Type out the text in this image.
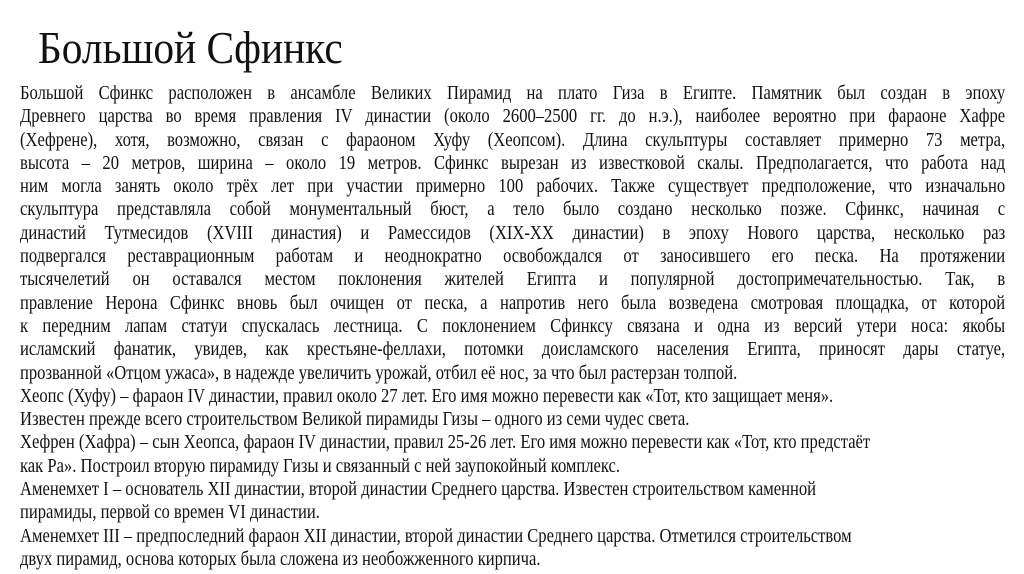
Большой Сфинкс
Большой Сфинкс расположен в ансамбле Великих Пирамид на плато Гиза в Египте. Памятник был создан в эпоху
Древнего царства во время правления IV династии (около 2600–2500 гг. до н.э.), наиболее вероятно при фараоне Хафре
(Хефрене), хотя, возможно, связан с фараоном Хуфу (Хеопсом). Длина скульптуры составляет примерно 73 метра,
высота – 20 метров, ширина – около 19 метров. Сфинкс вырезан из известковой скалы. Предполагается, что работа над
ним могла занять около трёх лет при участии примерно 100 рабочих. Также существует предположение, что изначально
скульптура представляла собой монументальный бюст, а тело было создано несколько позже. Сфинкс, начиная с
династий Тутмесидов (XVIII династия) и Рамессидов (XIX-XX династии) в эпоху Нового царства, несколько раз
подвергался реставрационным работам и неоднократно освобождался от заносившего его песка. На протяжении
тысячелетий он оставался местом поклонения жителей Египта и популярной достопримечательностью. Так, в
правление Нерона Сфинкс вновь был очищен от песка, а напротив него была возведена смотровая площадка, от которой
к передним лапам статуи спускалась лестница. С поклонением Сфинксу связана и одна из версий утери носа: якобы
исламский фанатик, увидев, как крестьяне-феллахи, потомки доисламского населения Египта, приносят дары статуе,
прозванной «Отцом ужаса», в надежде увеличить урожай, отбил её нос, за что был растерзан толпой.
Хеопс (Хуфу) – фараон IV династии, правил около 27 лет. Его имя можно перевести как «Тот, кто защищает меня».
Известен прежде всего строительством Великой пирамиды Гизы – одного из семи чудес света.
Хефрен (Хафра) – сын Хеопса, фараон IV династии, правил 25-26 лет. Его имя можно перевести как «Тот, кто предстаёт
как Ра». Построил вторую пирамиду Гизы и связанный с ней заупокойный комплекс.
Аменемхет I – основатель XII династии, второй династии Среднего царства. Известен строительством каменной
пирамиды, первой со времен VI династии.
Аменемхет III – предпоследний фараон XII династии, второй династии Среднего царства. Отметился строительством
двух пирамид, основа которых была сложена из необожженного кирпича.
